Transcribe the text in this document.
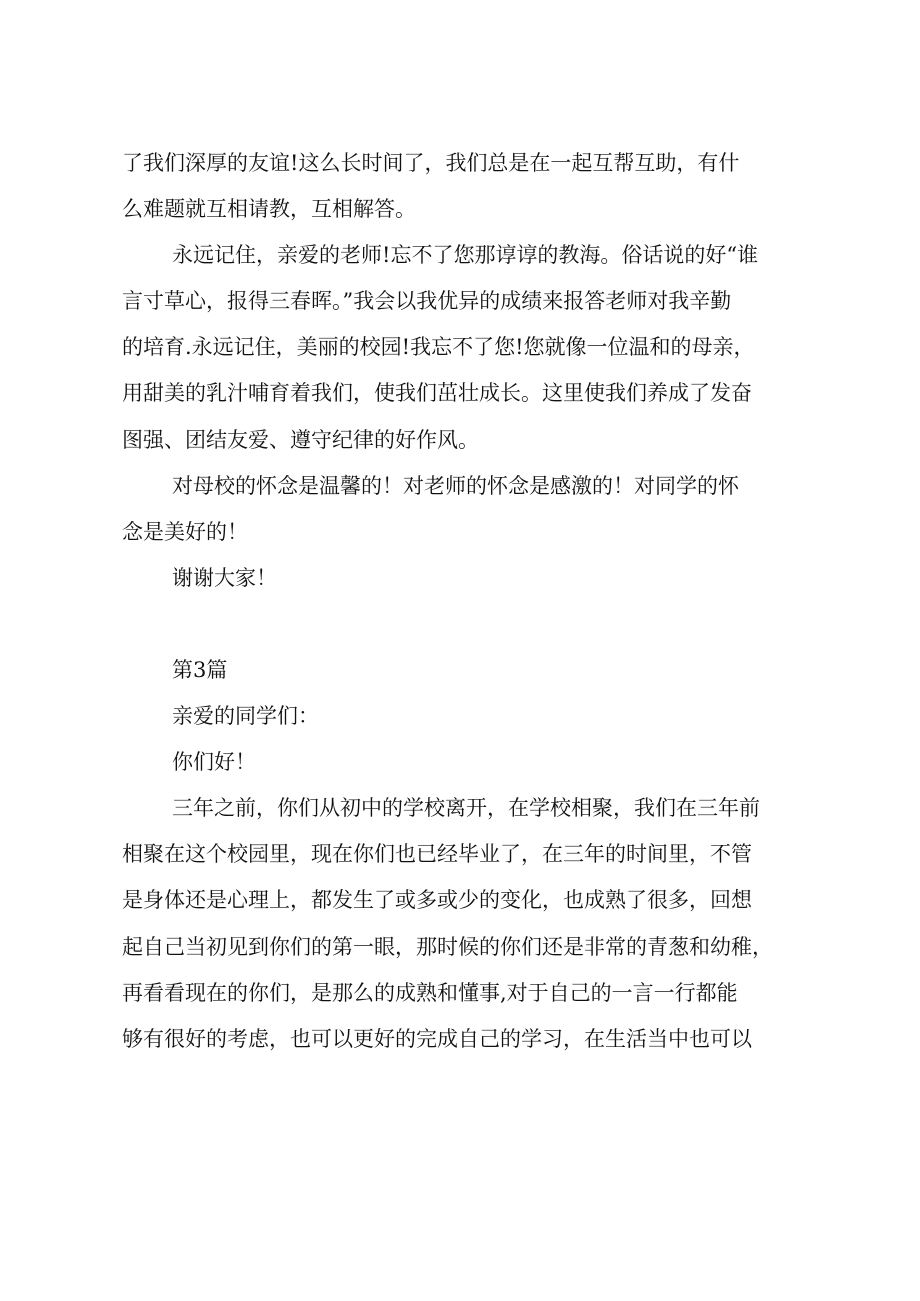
了我们深厚的友谊!这么长时间了，我们总是在一起互帮互助，有什
么难题就互相请教，互相解答。
永远记住，亲爱的老师!忘不了您那谆谆的教海。俗话说的好“谁
言寸草心，报得三春晖。”我会以我优异的成绩来报答老师对我辛勤
的培育.永远记住，美丽的校园!我忘不了您!您就像一位温和的母亲，
用甜美的乳汁哺育着我们，使我们茁壮成长。这里使我们养成了发奋
图强、团结友爱、遵守纪律的好作风。
对母校的怀念是温馨的！对老师的怀念是感激的！对同学的怀
念是美好的！
谢谢大家！
第3篇
亲爱的同学们：
你们好！
三年之前，你们从初中的学校离开，在学校相聚，我们在三年前
相聚在这个校园里，现在你们也已经毕业了，在三年的时间里，不管
是身体还是心理上，都发生了或多或少的变化，也成熟了很多，回想
起自己当初见到你们的第一眼，那时候的你们还是非常的青葱和幼稚，
再看看现在的你们，是那么的成熟和懂事,对于自己的一言一行都能
够有很好的考虑，也可以更好的完成自己的学习，在生活当中也可以
